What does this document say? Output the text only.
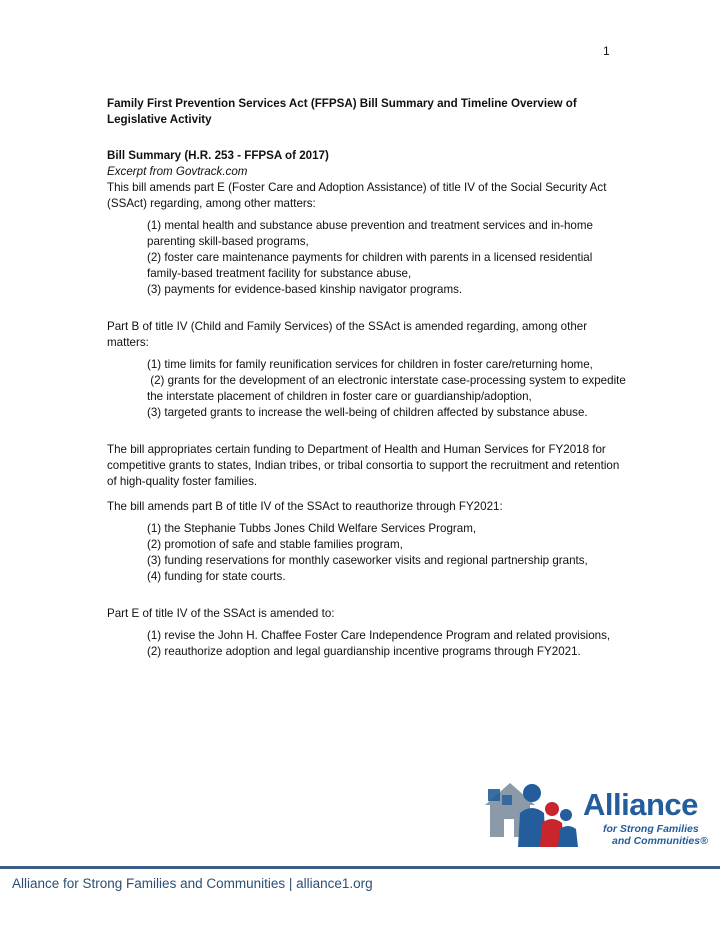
1

Family First Prevention Services Act (FFPSA) Bill Summary and Timeline Overview of Legislative Activity

Bill Summary (H.R. 253 - FFPSA of 2017)
Excerpt from Govtrack.com

This bill amends part E (Foster Care and Adoption Assistance) of title IV of the Social Security Act (SSAct) regarding, among other matters:

(1) mental health and substance abuse prevention and treatment services and in-home parenting skill-based programs,
(2) foster care maintenance payments for children with parents in a licensed residential family-based treatment facility for substance abuse,
(3) payments for evidence-based kinship navigator programs.

Part B of title IV (Child and Family Services) of the SSAct is amended regarding, among other matters:

(1) time limits for family reunification services for children in foster care/returning home,
(2) grants for the development of an electronic interstate case-processing system to expedite the interstate placement of children in foster care or guardianship/adoption,
(3) targeted grants to increase the well-being of children affected by substance abuse.

The bill appropriates certain funding to Department of Health and Human Services for FY2018 for competitive grants to states, Indian tribes, or tribal consortia to support the recruitment and retention of high-quality foster families.

The bill amends part B of title IV of the SSAct to reauthorize through FY2021:

(1) the Stephanie Tubbs Jones Child Welfare Services Program,
(2) promotion of safe and stable families program,
(3) funding reservations for monthly caseworker visits and regional partnership grants,
(4) funding for state courts.

Part E of title IV of the SSAct is amended to:

(1) revise the John H. Chaffee Foster Care Independence Program and related provisions,
(2) reauthorize adoption and legal guardianship incentive programs through FY2021.
Alliance
for Strong Families
and Communities®
Alliance for Strong Families and Communities | alliance1.org
